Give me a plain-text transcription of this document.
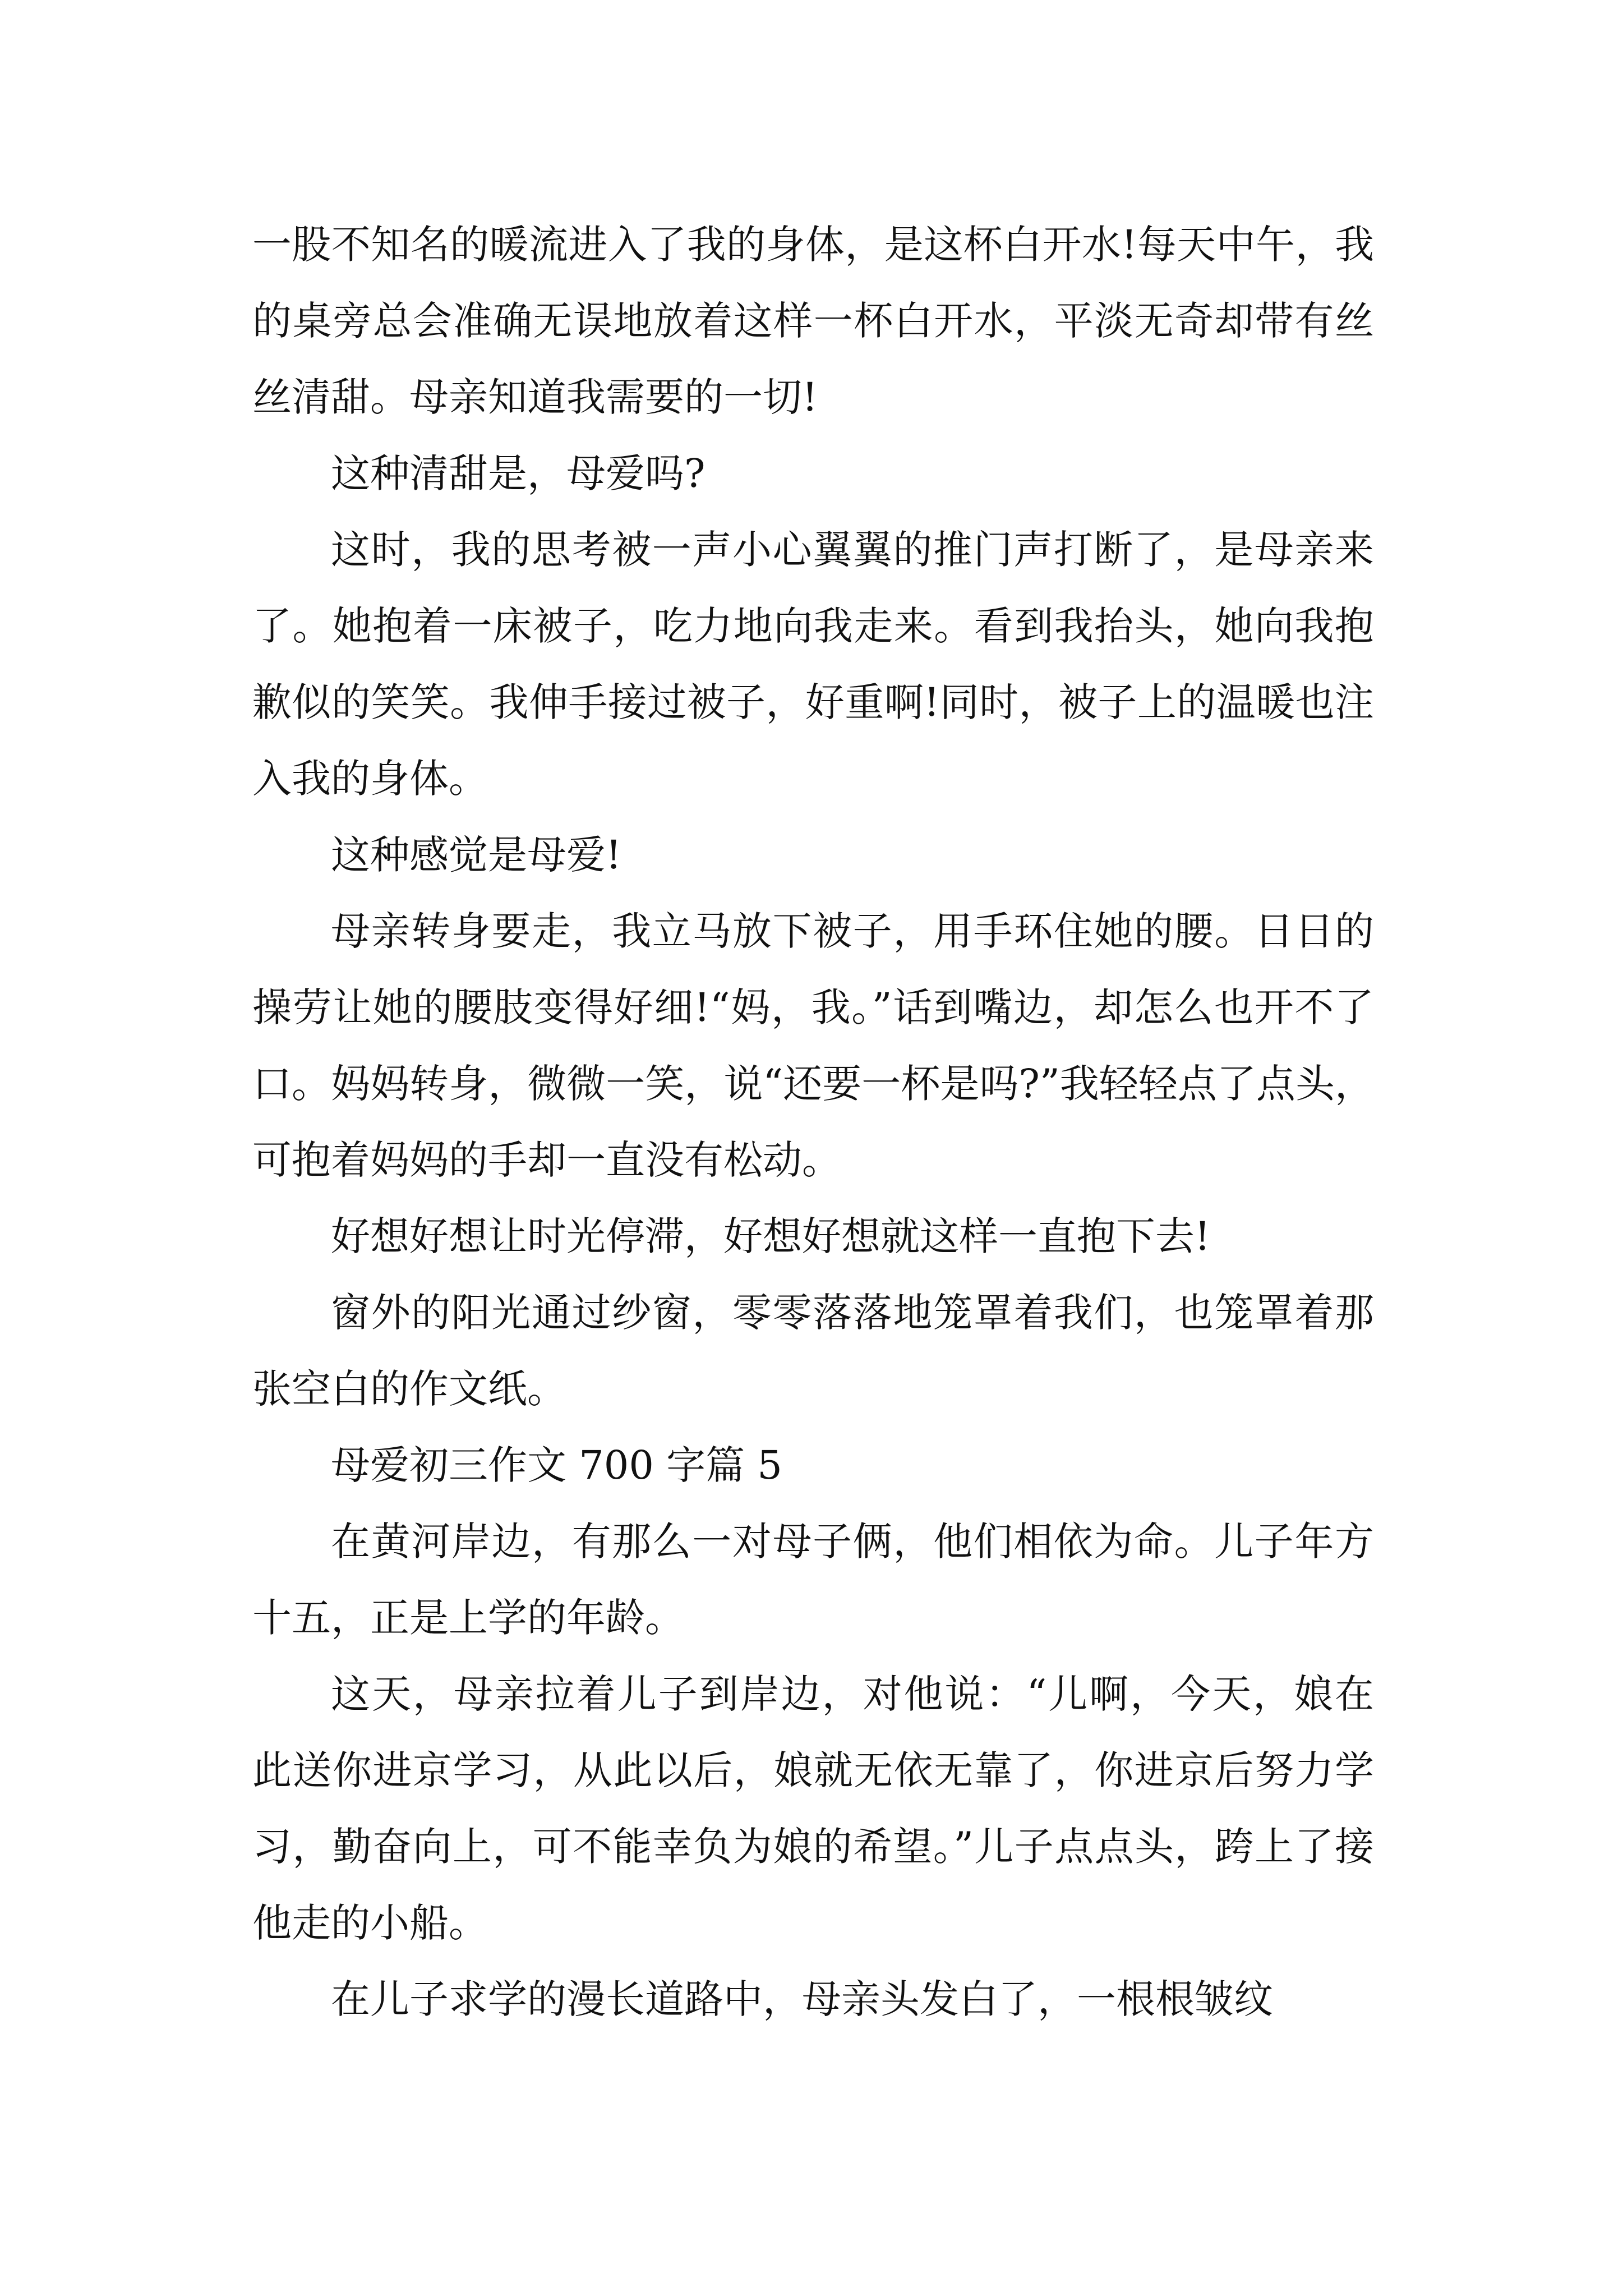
一股不知名的暖流进入了我的身体，是这杯白开水!每天中午，我的桌旁总会准确无误地放着这样一杯白开水，平淡无奇却带有丝丝清甜。母亲知道我需要的一切!

这种清甜是，母爱吗?

这时，我的思考被一声小心翼翼的推门声打断了，是母亲来了。她抱着一床被子，吃力地向我走来。看到我抬头，她向我抱歉似的笑笑。我伸手接过被子，好重啊!同时，被子上的温暖也注入我的身体。

这种感觉是母爱!

母亲转身要走，我立马放下被子，用手环住她的腰。日日的操劳让她的腰肢变得好细!“妈，我。”话到嘴边，却怎么也开不了口。妈妈转身，微微一笑，说“还要一杯是吗?”我轻轻点了点头，可抱着妈妈的手却一直没有松动。

好想好想让时光停滞，好想好想就这样一直抱下去!

窗外的阳光通过纱窗，零零落落地笼罩着我们，也笼罩着那张空白的作文纸。

母爱初三作文 700 字篇 5

在黄河岸边，有那么一对母子俩，他们相依为命。儿子年方十五，正是上学的年龄。

这天，母亲拉着儿子到岸边，对他说：“儿啊，今天，娘在 此送你进京学习，从此以后，娘就无依无靠了，你进京后努力学习，勤奋向上，可不能幸负为娘的希望。”儿子点点头，跨上了接他走的小船。

在儿子求学的漫长道路中，母亲头发白了，一根根皱纹
